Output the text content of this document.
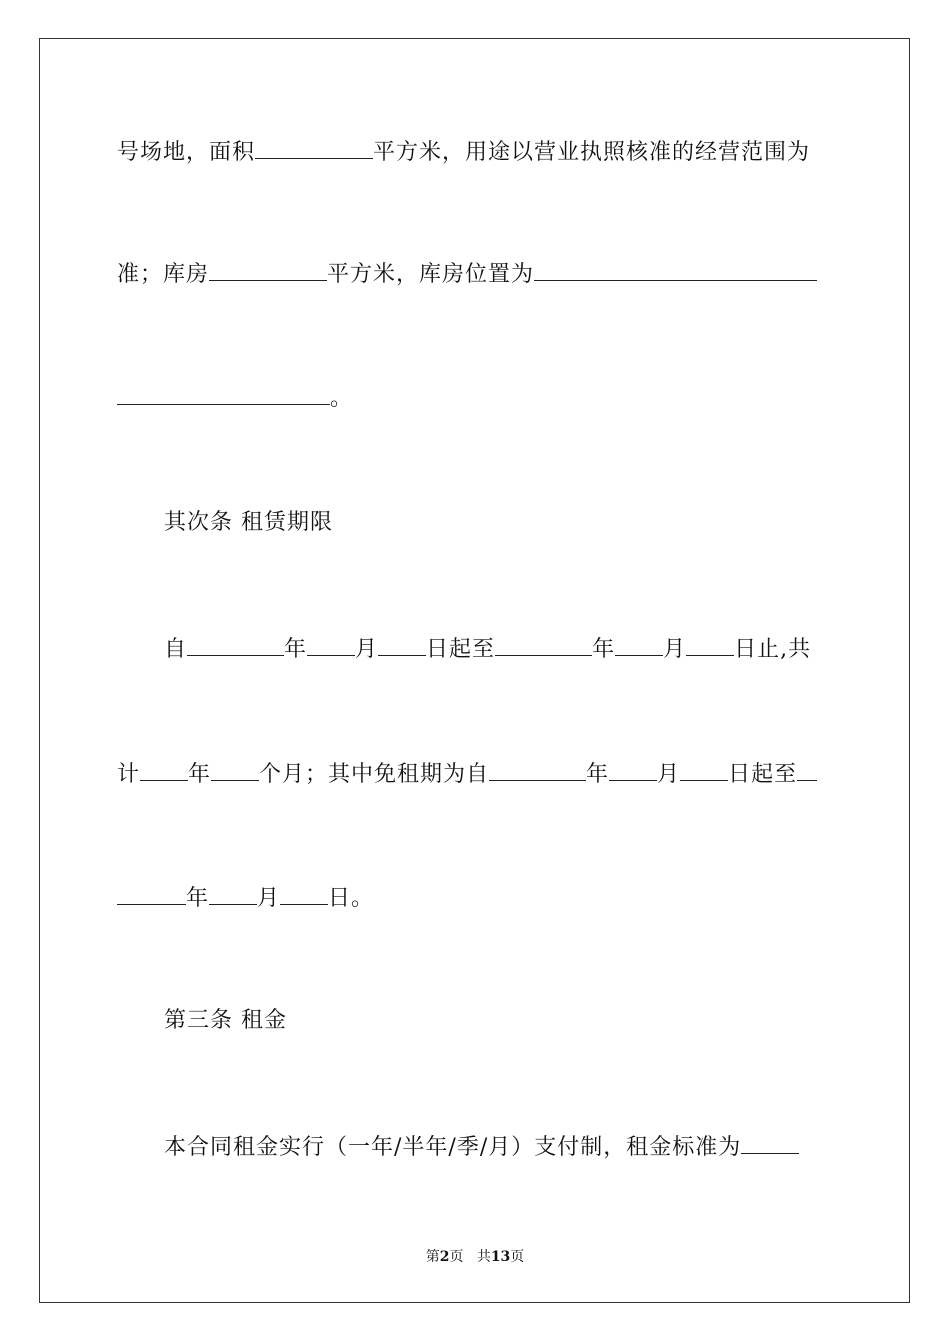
号场地，面积	平方米，用途以营业执照核准的经营范围为
准；库房	平方米，库房位置为
。
其次条 租赁期限
自	年 月 日起至	年 月 日止,共
计 年 个月；其中免租期为自	年 月 日起至
年 月 日。
第三条 租金
本合同租金实行（一年/半年/季/月）支付制，租金标准为
第2页 共13页
